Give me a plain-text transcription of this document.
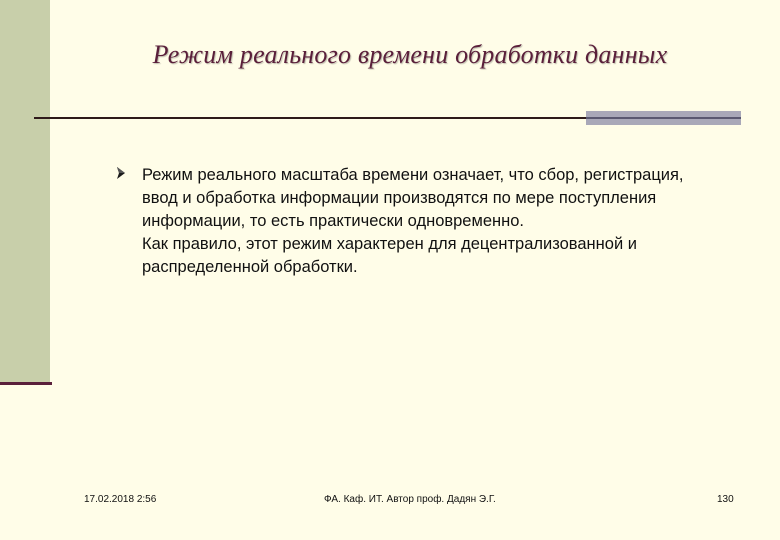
Режим реального времени обработки данных

Режим реального масштаба времени означает, что сбор, регистрация, ввод и обработка информации производятся по мере поступления информации, то есть практически одновременно.

Как правило, этот режим характерен для децентрализованной и распределенной обработки.

17.02.2018 2:56	ФА. Каф. ИТ. Автор проф. Дадян Э.Г.	130
